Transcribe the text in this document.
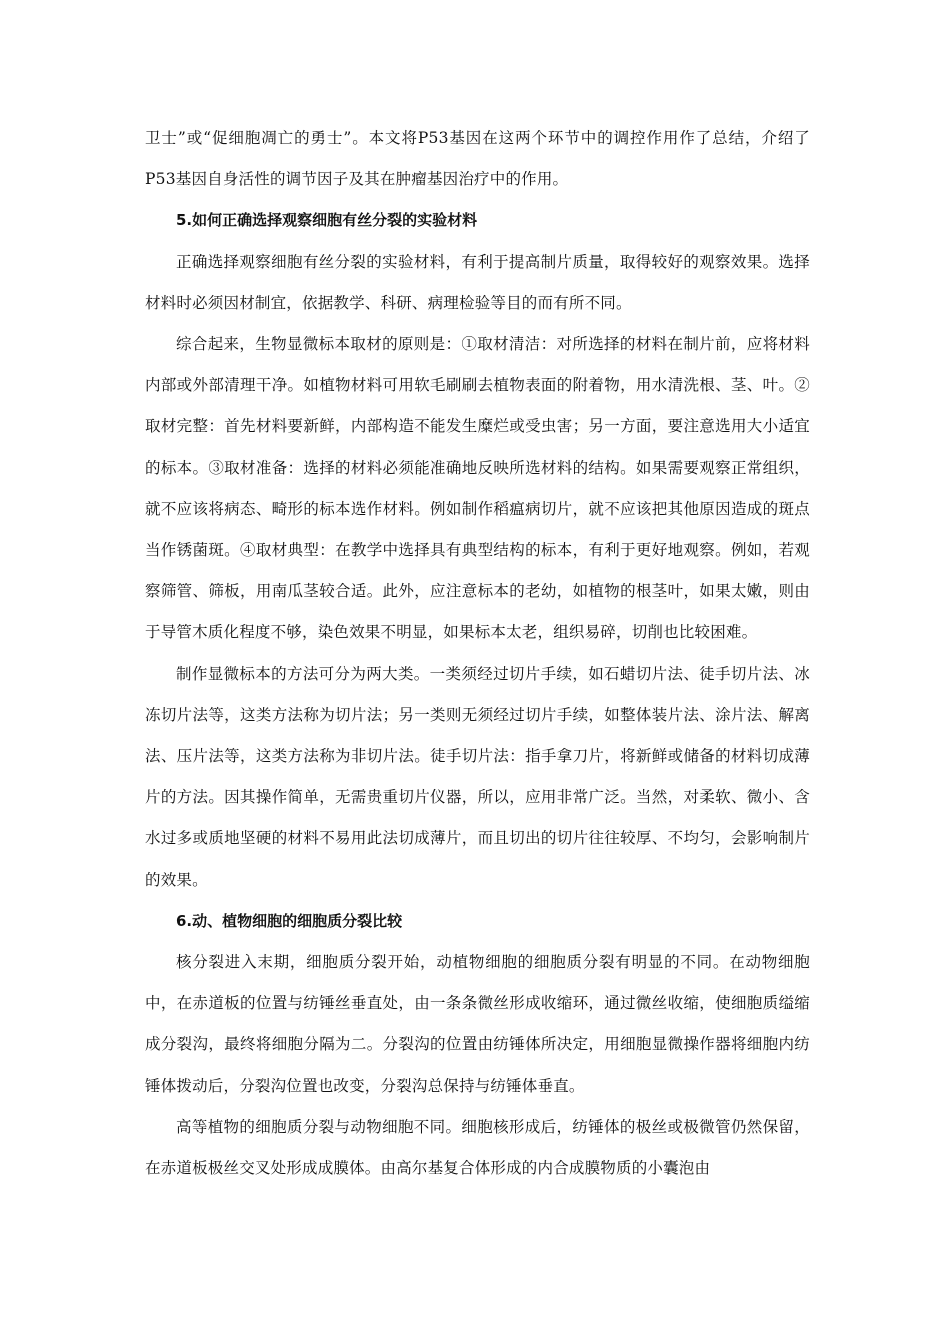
卫士”或“促细胞凋亡的勇士”。本文将P53基因在这两个环节中的调控作用作了总结，介绍了P53基因自身活性的调节因子及其在肿瘤基因治疗中的作用。

5.如何正确选择观察细胞有丝分裂的实验材料

正确选择观察细胞有丝分裂的实验材料，有利于提高制片质量，取得较好的观察效果。选择材料时必须因材制宜，依据教学、科研、病理检验等目的而有所不同。

综合起来，生物显微标本取材的原则是：①取材清洁：对所选择的材料在制片前，应将材料内部或外部清理干净。如植物材料可用软毛刷刷去植物表面的附着物，用水清洗根、茎、叶。②取材完整：首先材料要新鲜，内部构造不能发生糜烂或受虫害；另一方面，要注意选用大小适宜的标本。③取材准备：选择的材料必须能准确地反映所选材料的结构。如果需要观察正常组织，就不应该将病态、畸形的标本选作材料。例如制作稻瘟病切片，就不应该把其他原因造成的斑点当作锈菌斑。④取材典型：在教学中选择具有典型结构的标本，有利于更好地观察。例如，若观察筛管、筛板，用南瓜茎较合适。此外，应注意标本的老幼，如植物的根茎叶，如果太嫩，则由于导管木质化程度不够，染色效果不明显，如果标本太老，组织易碎，切削也比较困难。

制作显微标本的方法可分为两大类。一类须经过切片手续，如石蜡切片法、徒手切片法、冰冻切片法等，这类方法称为切片法；另一类则无须经过切片手续，如整体装片法、涂片法、解离法、压片法等，这类方法称为非切片法。徒手切片法：指手拿刀片，将新鲜或储备的材料切成薄片的方法。因其操作简单，无需贵重切片仪器，所以，应用非常广泛。当然，对柔软、微小、含水过多或质地坚硬的材料不易用此法切成薄片，而且切出的切片往往较厚、不均匀，会影响制片的效果。

6.动、植物细胞的细胞质分裂比较

核分裂进入末期，细胞质分裂开始，动植物细胞的细胞质分裂有明显的不同。在动物细胞中，在赤道板的位置与纺锤丝垂直处，由一条条微丝形成收缩环，通过微丝收缩，使细胞质缢缩成分裂沟，最终将细胞分隔为二。分裂沟的位置由纺锤体所决定，用细胞显微操作器将细胞内纺锤体拨动后，分裂沟位置也改变，分裂沟总保持与纺锤体垂直。

高等植物的细胞质分裂与动物细胞不同。细胞核形成后，纺锤体的极丝或极微管仍然保留，在赤道板极丝交叉处形成成膜体。由高尔基复合体形成的内合成膜物质的小囊泡由
